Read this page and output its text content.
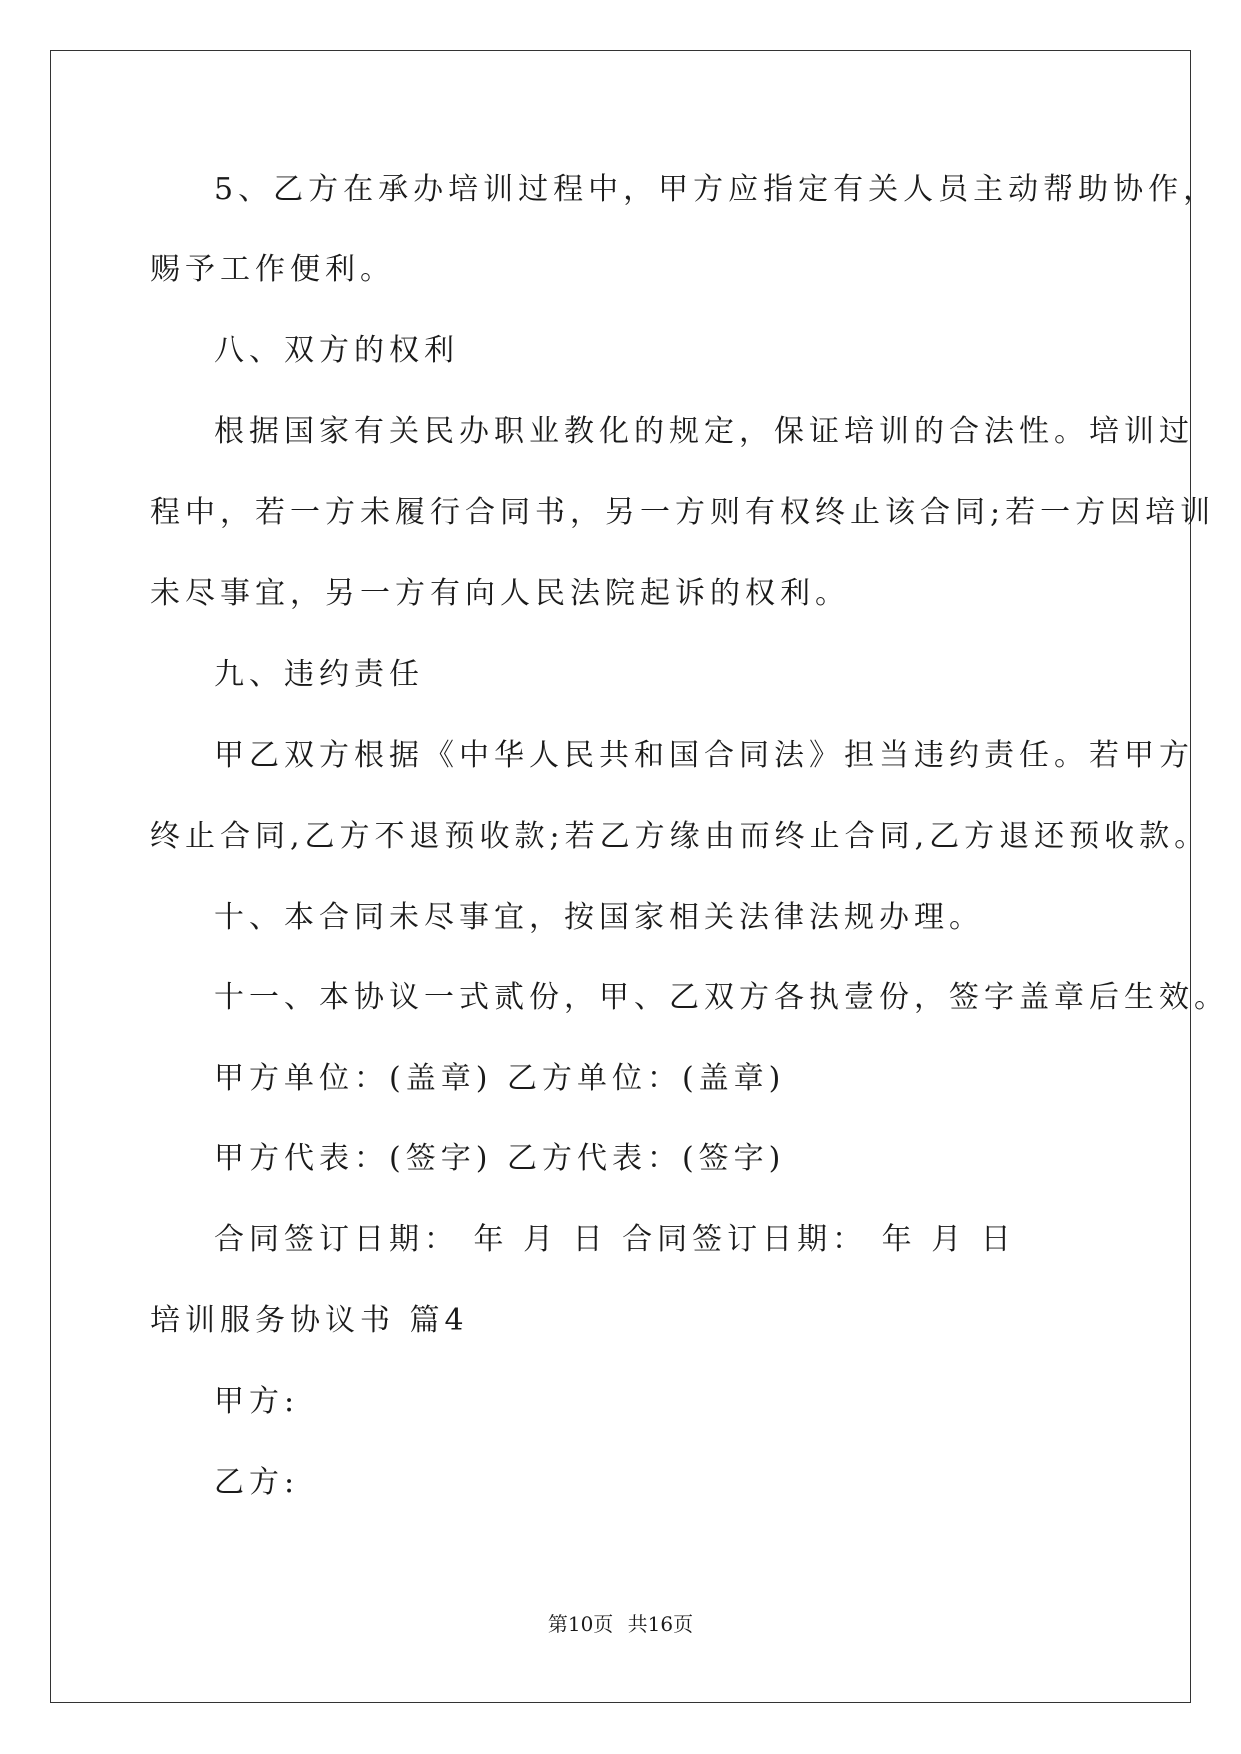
5、乙方在承办培训过程中，甲方应指定有关人员主动帮助协作，
赐予工作便利。
八、双方的权利
根据国家有关民办职业教化的规定，保证培训的合法性。培训过
程中，若一方未履行合同书，另一方则有权终止该合同;若一方因培训
未尽事宜，另一方有向人民法院起诉的权利。
九、违约责任
甲乙双方根据《中华人民共和国合同法》担当违约责任。若甲方
终止合同,乙方不退预收款;若乙方缘由而终止合同,乙方退还预收款。
十、本合同未尽事宜，按国家相关法律法规办理。
十一、本协议一式贰份，甲、乙双方各执壹份，签字盖章后生效。
甲方单位：(盖章) 乙方单位：(盖章)
甲方代表：(签字) 乙方代表：(签字)
合同签订日期： 年 月 日 合同签订日期： 年 月 日
培训服务协议书 篇4
甲方:
乙方:
第10页 共16页
